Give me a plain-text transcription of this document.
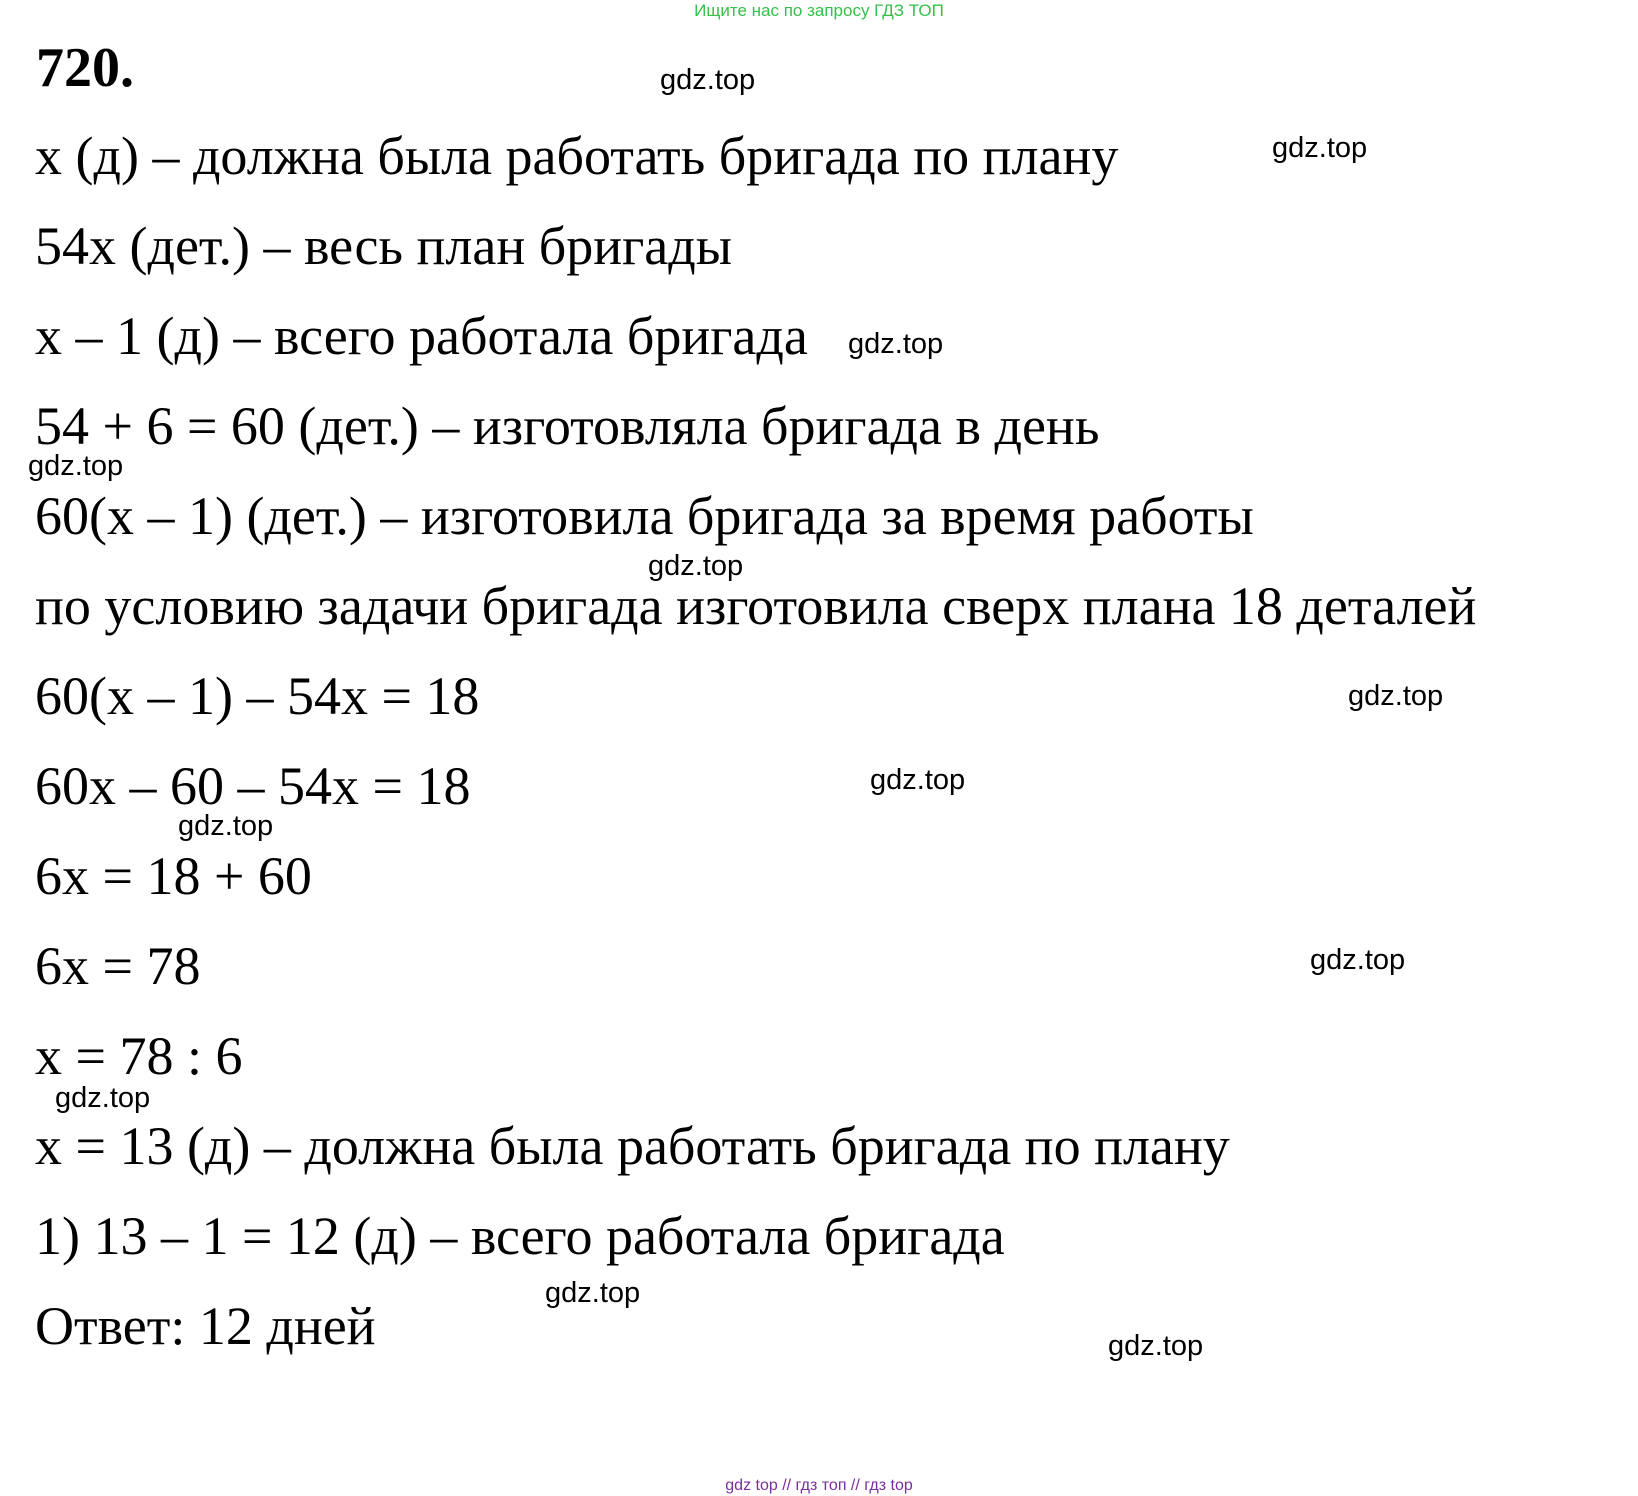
Ищите нас по запросу ГДЗ ТОП
720.
х (д) – должна была работать бригада по плану
54х (дет.) – весь план бригады
х – 1 (д) – всего работала бригада
54 + 6 = 60 (дет.) – изготовляла бригада в день
60(х – 1) (дет.) – изготовила бригада за время работы
по условию задачи бригада изготовила сверх плана 18 деталей
60(х – 1) – 54х = 18
60х – 60 – 54х = 18
6х = 18 + 60
6х = 78
х = 78 : 6
х = 13 (д) – должна была работать бригада по плану
1) 13 – 1 = 12 (д) – всего работала бригада
Ответ: 12 дней
gdz.top
gdz.top
gdz.top
gdz.top
gdz.top
gdz.top
gdz.top
gdz.top
gdz.top
gdz.top
gdz.top
gdz.top
gdz top // гдз топ // гдз top
